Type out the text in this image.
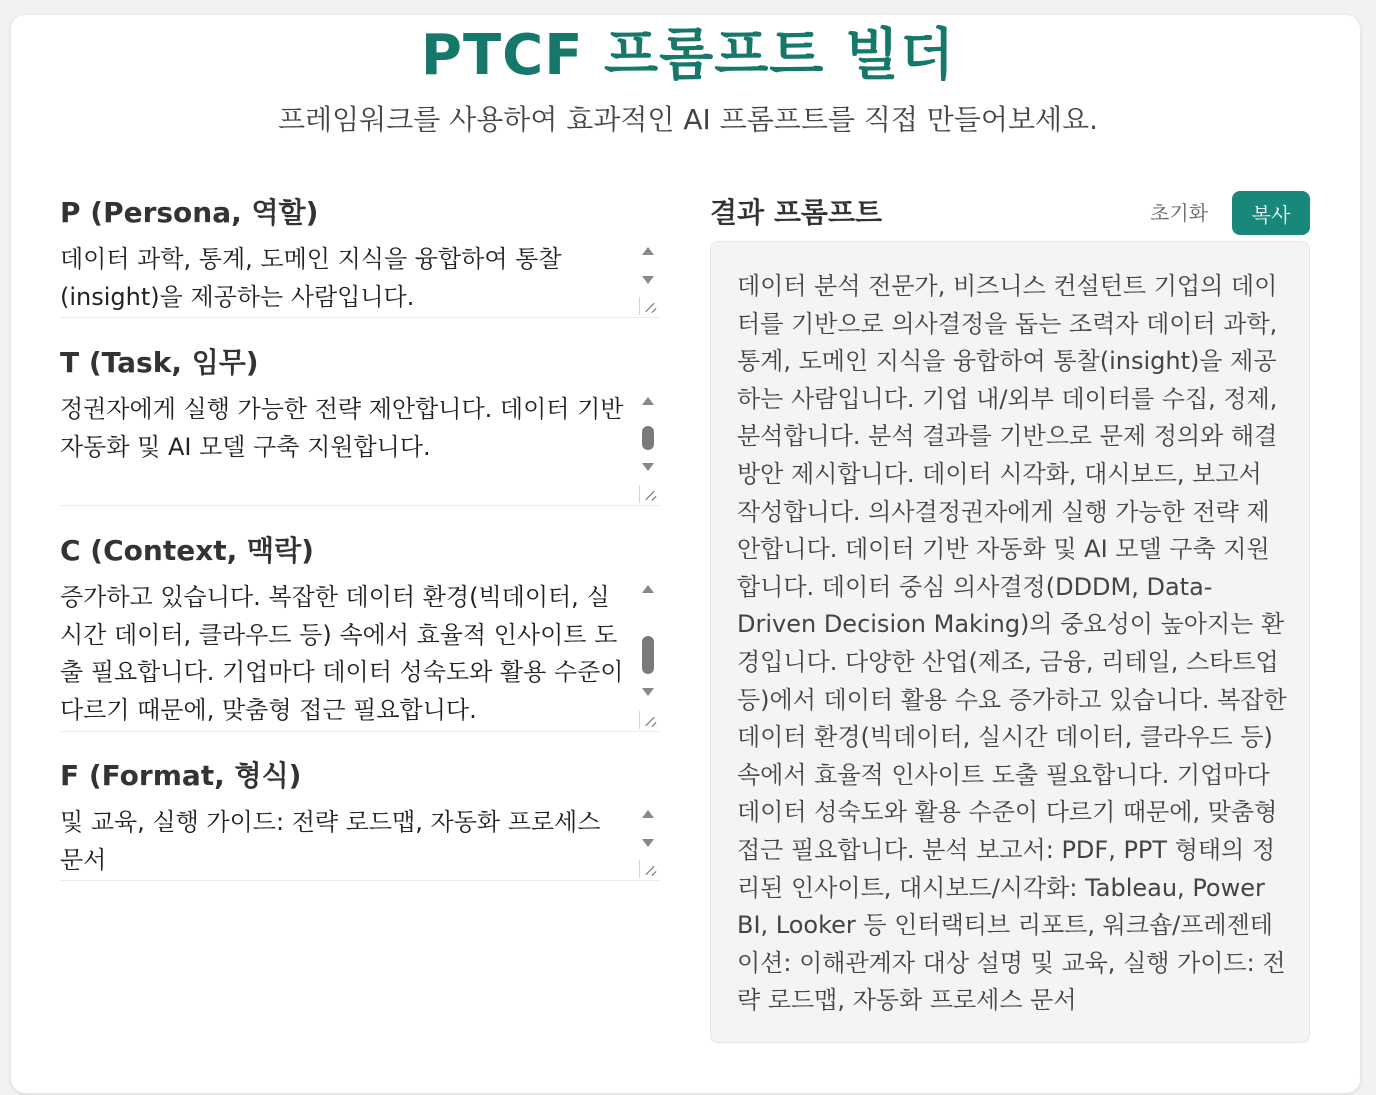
PTCF 프롬프트 빌더

프레임워크를 사용하여 효과적인 AI 프롬프트를 직접 만들어보세요.

P (Persona, 역할)

데이터 과학, 통계, 도메인 지식을 융합하여 통찰 (insight)을 제공하는 사람입니다.

T (Task, 임무)

정권자에게 실행 가능한 전략 제안합니다. 데이터 기반 자동화 및 AI 모델 구축 지원합니다.

C (Context, 맥락)

증가하고 있습니다. 복잡한 데이터 환경(빅데이터, 실시간 데이터, 클라우드 등) 속에서 효율적 인사이트 도출 필요합니다. 기업마다 데이터 성숙도와 활용 수준이 다르기 때문에, 맞춤형 접근 필요합니다.

F (Format, 형식)

및 교육, 실행 가이드: 전략 로드맵, 자동화 프로세스 문서

결과 프롬프트	초기화	복사

데이터 분석 전문가, 비즈니스 컨설턴트 기업의 데이터를 기반으로 의사결정을 돕는 조력자 데이터 과학, 통계, 도메인 지식을 융합하여 통찰(insight)을 제공하는 사람입니다. 기업 내/외부 데이터를 수집, 정제, 분석합니다. 분석 결과를 기반으로 문제 정의와 해결 방안 제시합니다. 데이터 시각화, 대시보드, 보고서 작성합니다. 의사결정권자에게 실행 가능한 전략 제안합니다. 데이터 기반 자동화 및 AI 모델 구축 지원합니다. 데이터 중심 의사결정(DDDM, Data-Driven Decision Making)의 중요성이 높아지는 환경입니다. 다양한 산업(제조, 금융, 리테일, 스타트업 등)에서 데이터 활용 수요 증가하고 있습니다. 복잡한 데이터 환경(빅데이터, 실시간 데이터, 클라우드 등) 속에서 효율적 인사이트 도출 필요합니다. 기업마다 데이터 성숙도와 활용 수준이 다르기 때문에, 맞춤형 접근 필요합니다. 분석 보고서: PDF, PPT 형태의 정리된 인사이트, 대시보드/시각화: Tableau, Power BI, Looker 등 인터랙티브 리포트, 워크숍/프레젠테이션: 이해관계자 대상 설명 및 교육, 실행 가이드: 전략 로드맵, 자동화 프로세스 문서
